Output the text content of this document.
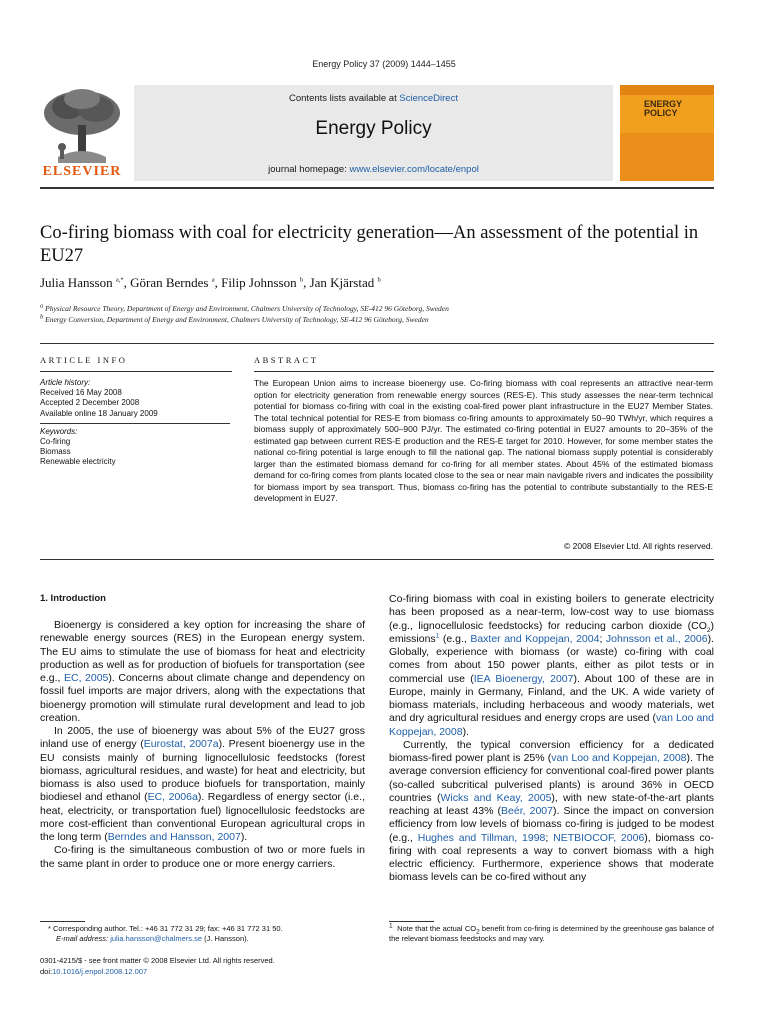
Energy Policy 37 (2009) 1444–1455
ELSEVIER
Contents lists available at ScienceDirect
Energy Policy
journal homepage: www.elsevier.com/locate/enpol
ENERGY
POLICY
Co-firing biomass with coal for electricity generation—An assessment of the potential in EU27
Julia Hansson $^{a,*}$, Göran Berndes $^a$, Filip Johnsson $^b$, Jan Kjärstad $^b$
$^a$ Physical Resource Theory, Department of Energy and Environment, Chalmers University of Technology, SE-412 96 Göteborg, Sweden
$^b$ Energy Conversion, Department of Energy and Environment, Chalmers University of Technology, SE-412 96 Göteborg, Sweden
ARTICLE INFO	ABSTRACT
Article history:
Received 16 May 2008
Accepted 2 December 2008
Available online 18 January 2009
Keywords:
Co-firing
Biomass
Renewable electricity
The European Union aims to increase bioenergy use. Co-firing biomass with coal represents an attractive near-term option for electricity generation from renewable energy sources (RES-E). This study assesses the near-term technical potential for biomass co-firing with coal in the existing coal-fired power plant infrastructure in the EU27 Member States. The total technical potential for RES-E from biomass co-firing amounts to approximately 50–90 TWh/yr, which requires a biomass supply of approximately 500–900 PJ/yr. The estimated co-firing potential in EU27 amounts to 20–35% of the estimated gap between current RES-E production and the RES-E target for 2010. However, for some member states the national co-firing potential is large enough to fill the national gap. The national biomass supply potential is considerably larger than the estimated biomass demand for co-firing for all member states. About 45% of the estimated biomass demand for co-firing comes from plants located close to the sea or near main navigable rivers and indicates the possibility for biomass import by sea transport. Thus, biomass co-firing has the potential to contribute substantially to the RES-E development in EU27.
© 2008 Elsevier Ltd. All rights reserved.
1. Introduction

Bioenergy is considered a key option for increasing the share of renewable energy sources (RES) in the European energy system. The EU aims to stimulate the use of biomass for heat and electricity production as well as for production of biofuels for transportation (see e.g., EC, 2005). Concerns about climate change and dependency on fossil fuel imports are major drivers, along with the expectations that bioenergy promotion will stimulate rural development and lead to job creation.

In 2005, the use of bioenergy was about 5% of the EU27 gross inland use of energy (Eurostat, 2007a). Present bioenergy use in the EU consists mainly of burning lignocellulosic feedstocks (forest biomass, agricultural residues, and waste) for heat and electricity, but biomass is also used to produce biofuels for transportation, mainly biodiesel and ethanol (EC, 2006a). Regardless of energy sector (i.e., heat, electricity, or transportation fuel) lignocellulosic feedstocks are more cost-efficient than conventional European agricultural crops in the long term (Berndes and Hansson, 2007).

Co-firing is the simultaneous combustion of two or more fuels in the same plant in order to produce one or more energy carriers.

Co-firing biomass with coal in existing boilers to generate electricity has been proposed as a near-term, low-cost way to use biomass (e.g., lignocellulosic feedstocks) for reducing carbon dioxide $(CO_2)$ emissions$^1$ (e.g., Baxter and Koppejan, 2004; Johnsson et al., 2006). Globally, experience with biomass (or waste) co-firing with coal comes from about 150 power plants, either as pilot tests or in commercial use (IEA Bioenergy, 2007). About 100 of these are in Europe, mainly in Germany, Finland, and the UK. A wide variety of biomass materials, including herbaceous and woody materials, wet and dry agricultural residues and energy crops are used (van Loo and Koppejan, 2008).

Currently, the typical conversion efficiency for a dedicated biomass-fired power plant is 25% (van Loo and Koppejan, 2008). The average conversion efficiency for conventional coal-fired power plants (so-called subcritical pulverised plants) is around 36% in OECD countries (Wicks and Keay, 2005), with new state-of-the-art plants reaching at least 43% (Beér, 2007). Since the impact on conversion efficiency from low levels of biomass co-firing is judged to be modest (e.g., Hughes and Tillman, 1998; NETBIOCOF, 2006), biomass co-firing with coal represents a way to convert biomass with a high electric efficiency. Furthermore, experience shows that moderate biomass levels can be co-fired without any

* Corresponding author. Tel.: +46 31 772 31 29; fax: +46 31 772 31 50.
E-mail address: julia.hansson@chalmers.se (J. Hansson).
$^1$ Note that the actual $CO_2$ benefit from co-firing is determined by the greenhouse gas balance of the relevant biomass feedstocks and may vary.
0301-4215/$ - see front matter © 2008 Elsevier Ltd. All rights reserved.
doi:10.1016/j.enpol.2008.12.007
